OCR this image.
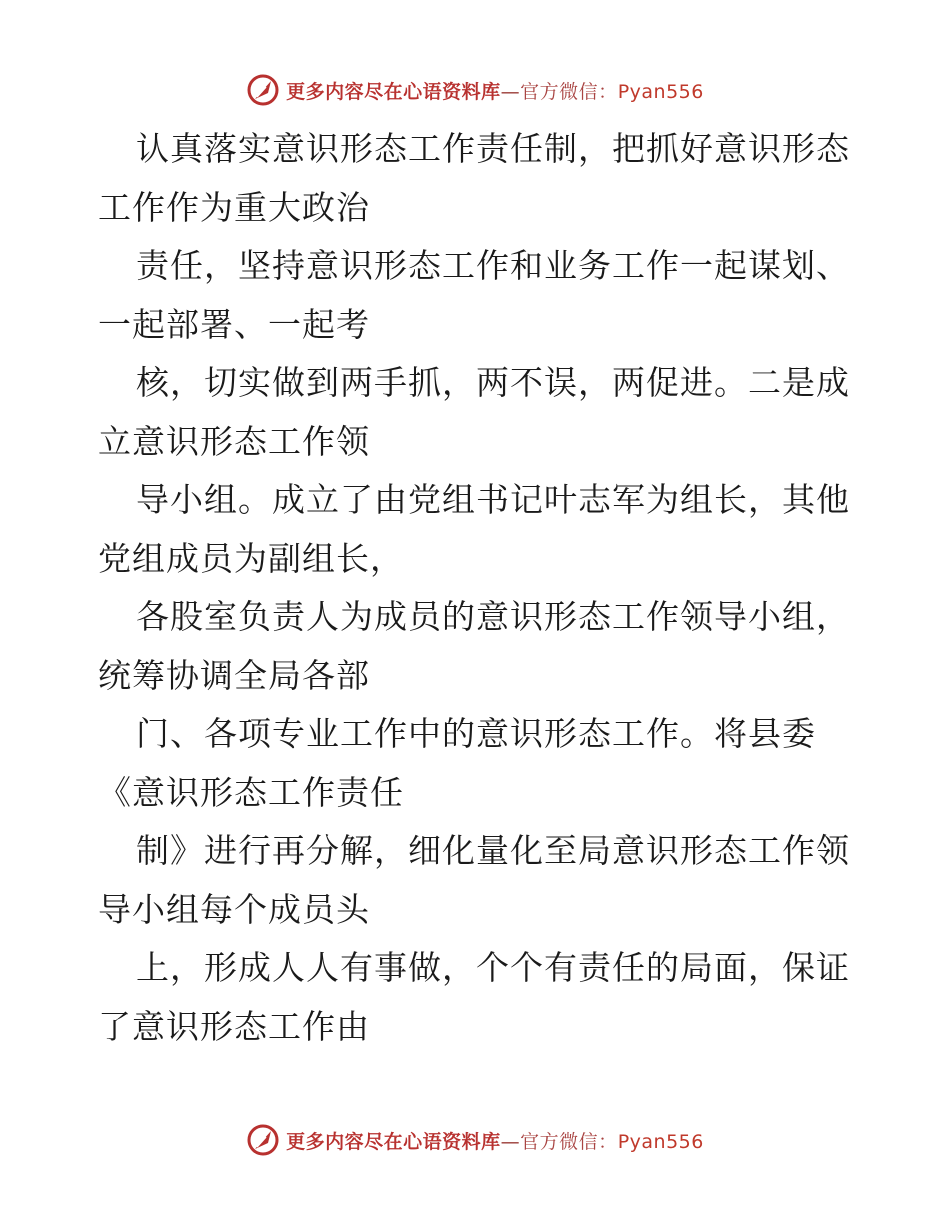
更多内容尽在心语资料库—官方微信：Pyan556
认真落实意识形态工作责任制，把抓好意识形态
工作作为重大政治
责任，坚持意识形态工作和业务工作一起谋划、
一起部署、一起考
核，切实做到两手抓，两不误，两促进。二是成
立意识形态工作领
导小组。成立了由党组书记叶志军为组长，其他
党组成员为副组长，
各股室负责人为成员的意识形态工作领导小组，
统筹协调全局各部
门、各项专业工作中的意识形态工作。将县委
《意识形态工作责任
制》进行再分解，细化量化至局意识形态工作领
导小组每个成员头
上，形成人人有事做，个个有责任的局面，保证
了意识形态工作由
更多内容尽在心语资料库—官方微信：Pyan556
